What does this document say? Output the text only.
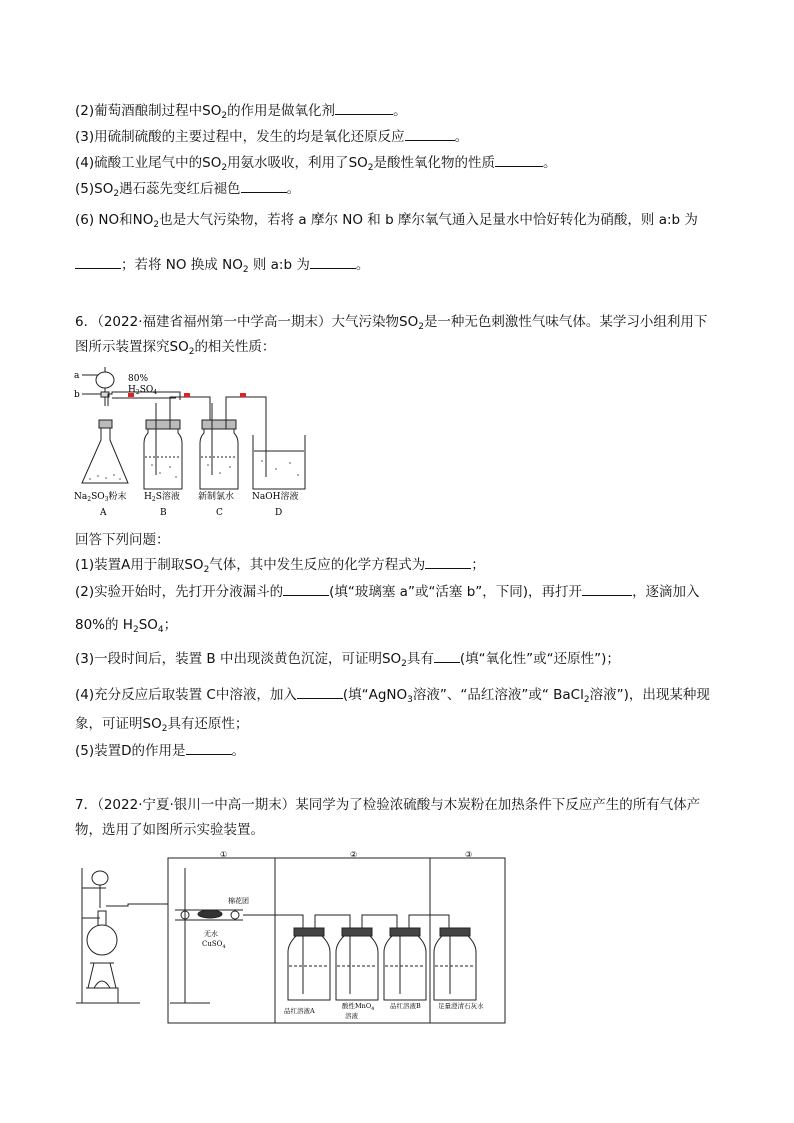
(2)葡萄酒酿制过程中$SO_2$的作用是做氧化剂	。
(3)用硫制硫酸的主要过程中，发生的均是氧化还原反应	。
(4)硫酸工业尾气中的$SO_2$用氨水吸收，利用了$SO_2$是酸性氧化物的性质	。
$(5)SO_2$遇石蕊先变红后褪色	。
(6) NO和$NO_2$也是大气污染物，若将 a 摩尔 NO 和 b 摩尔氧气通入足量水中恰好转化为硝酸，则 a:b 为
；若将 NO 换成 $NO_2$ 则 a:b 为	。
6．（2022·福建省福州第一中学高一期末）大气污染物$SO_2$是一种无色刺激性气味气体。某学习小组利用下
图所示装置探究$SO_2$的相关性质：
a
b
80%
$H_2SO_4$
$Na_2SO_3$粉末 $H_2S$溶液 新制氯水 NaOH溶液
A	B	C	D
回答下列问题：
(1)装置A用于制取$SO_2$气体，其中发生反应的化学方程式为	；
(2)实验开始时，先打开分液漏斗的	(填“玻璃塞 a”或“活塞 b”，下同)，再打开	，逐滴加入
80%的 $H_2SO_4$；
(3)一段时间后，装置 B 中出现淡黄色沉淀，可证明$SO_2$具有 (填“氧化性”或“还原性”)；
(4)充分反应后取装置 C中溶液，加入	(填“AgNO$_3$溶液”、“品红溶液”或“ BaCl$_2$溶液”)，出现某种现
象，可证明$SO_2$具有还原性；
(5)装置D的作用是	。
7．（2022·宁夏·银川一中高一期末）某同学为了检验浓硫酸与木炭粉在加热条件下反应产生的所有气体产
物，选用了如图所示实验装置。
①	②	③
棉花团
无水
CuSO$_4$
品红溶液A
酸性MnO$_4$
溶液
品红溶液B	足量澄清石灰水
